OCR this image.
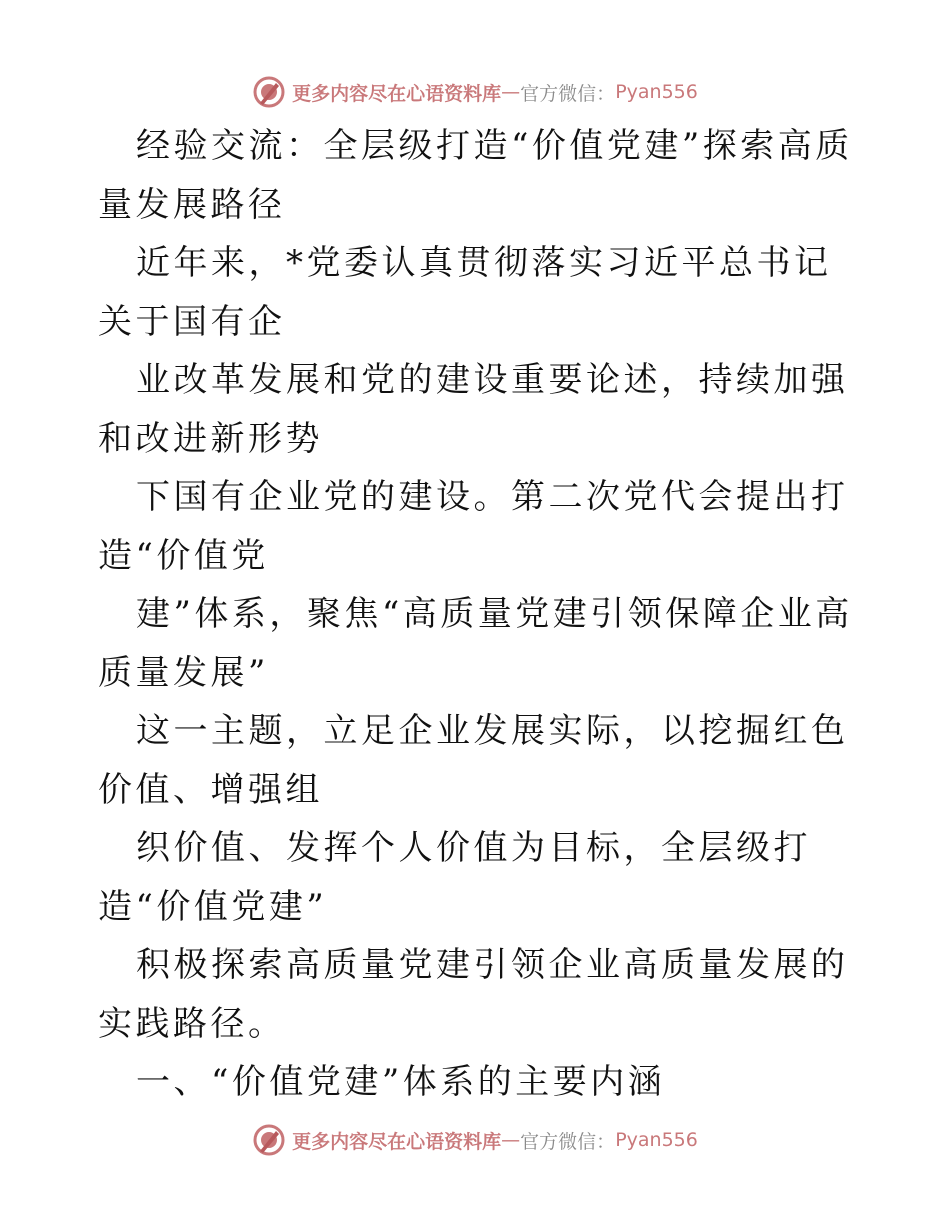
更多内容尽在心语资料库 — 官方微信： Pyan556

经验交流：全层级打造“价值党建”探索高质量发展路径

近年来，*党委认真贯彻落实习近平总书记关于国有企

业改革发展和党的建设重要论述，持续加强和改进新形势

下国有企业党的建设。第二次党代会提出打造“价值党

建”体系，聚焦“高质量党建引领保障企业高质量发展”

这一主题，立足企业发展实际，以挖掘红色价值、增强组

织价值、发挥个人价值为目标，全层级打造“价值党建”

积极探索高质量党建引领企业高质量发展的实践路径。

一、“价值党建”体系的主要内涵

更多内容尽在心语资料库 — 官方微信： Pyan556
